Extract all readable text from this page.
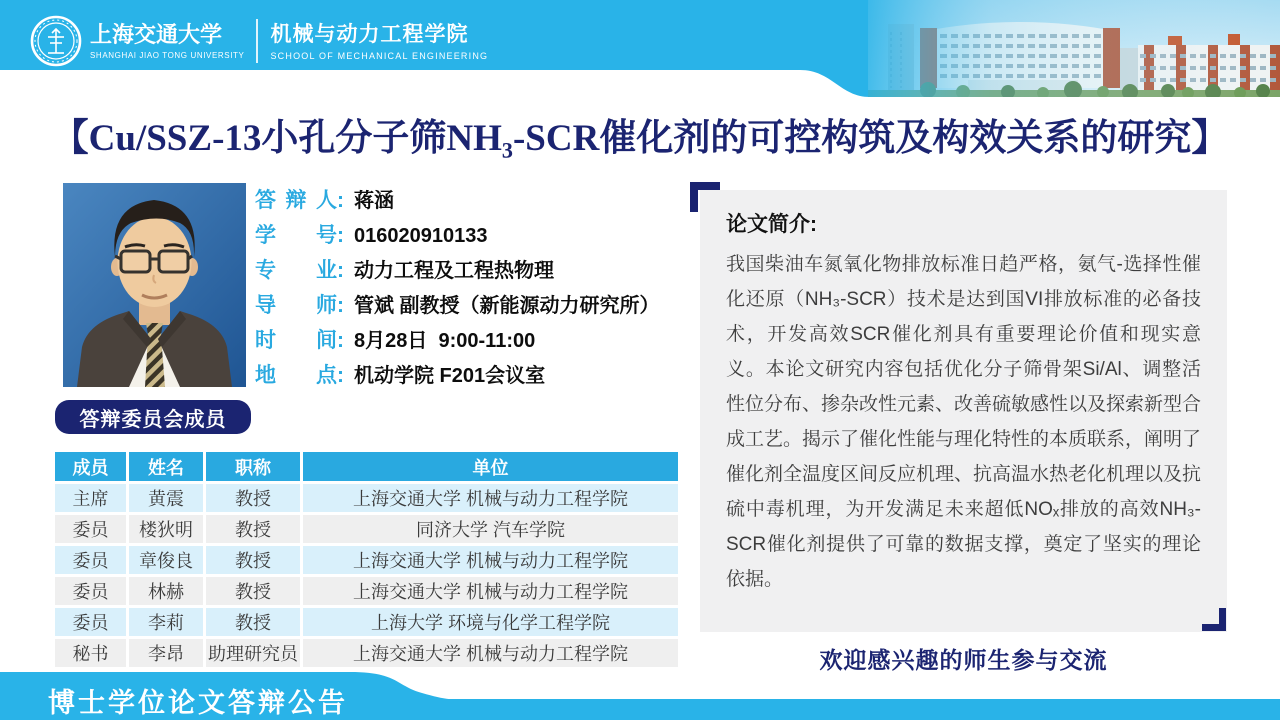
上海交通大学
SHANGHAI JIAO TONG UNIVERSITY
机械与动力工程学院
SCHOOL OF MECHANICAL ENGINEERING
【Cu/SSZ-13小孔分子筛NH₃-SCR催化剂的可控构筑及构效关系的研究】
答辩人: 蒋涵
学号: 016020910133
专业: 动力工程及工程热物理
导师: 管斌 副教授（新能源动力研究所）
时间: 8月28日  9:00-11:00
地点: 机动学院 F201会议室
答辩委员会成员
成员	姓名	职称	单位
主席	黄震	教授	上海交通大学 机械与动力工程学院
委员	楼狄明	教授	同济大学 汽车学院
委员	章俊良	教授	上海交通大学 机械与动力工程学院
委员	林赫	教授	上海交通大学 机械与动力工程学院
委员	李莉	教授	上海大学 环境与化学工程学院
秘书	李昂	助理研究员	上海交通大学 机械与动力工程学院
论文简介:
我国柴油车氮氧化物排放标准日趋严格，氨气-选择性催化还原（NH₃-SCR）技术是达到国VI排放标准的必备技术，开发高效SCR催化剂具有重要理论价值和现实意义。本论文研究内容包括优化分子筛骨架Si/Al、调整活性位分布、掺杂改性元素、改善硫敏感性以及探索新型合成工艺。揭示了催化性能与理化特性的本质联系，阐明了催化剂全温度区间反应机理、抗高温水热老化机理以及抗硫中毒机理，为开发满足未来超低NOₓ排放的高效NH₃-SCR催化剂提供了可靠的数据支撑，奠定了坚实的理论依据。
欢迎感兴趣的师生参与交流
博士学位论文答辩公告
